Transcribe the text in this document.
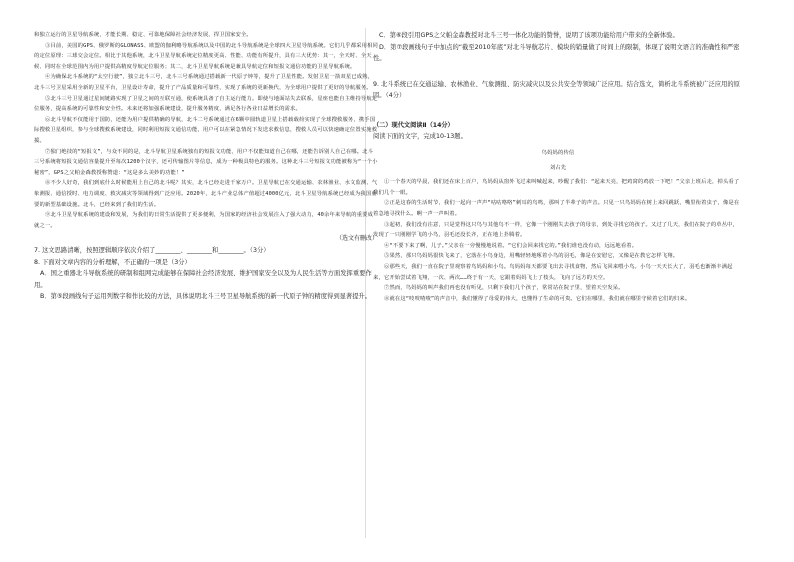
和独立运行的卫星导航系统，才能长期、稳定、可靠地保障社会经济发展，捍卫国家安全。

③目前，美国的GPS、俄罗斯的GLONASS、欧盟的伽利略导航系统以及中国的北斗导航系统是全球四大卫星导航系统。它们几乎都采用相同的定位原理：三球交会定位。相比于其他系统，北斗卫星导航系统定位精度更高、性能、功能有所提升，具有三大优势：其一，全天时、全天候、同时在全球范围内为用户提供高精度导航定位服务；其二，北斗卫星导航系统是兼具导航定位和短报文通信功能的卫星导航系统。

④为确保北斗系统的“太空行驶”，独立北斗三号，北斗三号系统通过搭载新一代原子钟等，提升了卫星性能。发射卫星一箭双星已成熟，北斗三号卫星采用全新的卫星平台，卫星设计寿命，提升了产品质量和可靠性，实现了系统的更新换代，为全球用户提供了更好的导航服务。

⑤北斗三号卫星通过星间链路实现了卫星之间的互联互通，使系统具备了自主运行能力。即使与地面站失去联系，星座也能自主维持导航定位服务，提高系统的可靠性和安全性。未来还将加强系统建设，提升服务精度，满足各行各业日益增长的需求。

⑥北斗导航不仅能用于国防，还能为用户提供精确的导航，北斗二号系统通过在6颗中圆轨道卫星上搭载载荷实现了全球搜救服务，携手国际搜救卫星组织，参与全球搜救系统建设，同时利用短报文通信功能，用户可以在紧急情况下发送求救信息，搜救人员可以快速确定位置实施救援。

⑦独门绝技的“短报文”，与众不同的是，北斗导航卫星系统独有的短报文功能，用户不仅能知道自己在哪，还能告诉别人自己在哪。北斗三号系统将短报文通信容量提升至每次1200个汉字，还可传输图片等信息，成为一种极具特色的服务。这种北斗三号短报文功能被称为“一个小秘密”，GPS之父帕金森教授称赞道：“这是多么美妙的功能！”

⑧不少人好奇，我们到底什么时候能用上自己的北斗呢？其实，北斗已经走进千家万户。卫星导航已在交通运输、农林渔业、水文监测、气象测报、通信授时、电力调度、救灾减灾等领域得到广泛应用。2020年，北斗产业总体产值超过4000亿元，北斗卫星导航系统已经成为我国重要的新型基础设施。北斗，已经来到了我们的生活。

⑨北斗卫星导航系统的建设和发展，为我们的日常生活提供了更多便利，为国家的经济社会发展注入了强大动力，40余年来导航的重要成就之一。

（选文有删改）

7. 这文思路清晰，按照逻辑顺序依次介绍了________、________和________。（3分）

8. 下面对文章内容的分析理解，不正确的一项是（3分）

A．国之重器北斗导航系统的研制和组网完成能够在保障社会经济发展、维护国家安全以及为人民生活等方面发挥重要作用。

B．第⑤段画线句子运用列数字和作比较的方法，具体说明北斗三号卫星导航系统的新一代原子钟的精度得到显著提升。

C．第⑥段引用GPS之父帕金森教授对北斗三号一体化功能的赞誉，说明了该项功能给用户带来的全新体验。

D．第⑦段画线句子中加点的“截至2010年底”对北斗导航芯片、模块的销量做了时间上的限制，体现了说明文语言的准确性和严密性。

9. 北斗系统已在交通运输、农林渔业、气象测报、防灾减灾以及公共安全等领域广泛应用。结合选文，简析北斗系统被广泛应用的原因。（4分）

（二）现代文阅读Ⅱ（14分）

阅读下面的文字，完成10-13题。

鸟妈妈的传信

刘占先

①一个春天的早晨，我们还在床上百户，鸟妈妈从窗外飞过来叫喊起来，吵醒了我们：“起来天亮，把鸡窝的鸡放一下吧！”父亲上班后走，掉头看了我们几个一眼。

②正是这春的生活时节，我们一起向一声声“咕咕咯咯”刺耳的鸟鸣，那叫了半辈子的声音。只见一只鸟妈妈在树上来回跳跃，嘴里衔着虫子，像是在着急地寻找什么。啊一声一声叫着。

③起初，我们没有注意，只是觉得这只鸟与其他鸟不一样，它像一个刚刚失去孩子的母亲，到处寻找它的孩子。又过了几天，我们在院子的草丛中，发现了一只刚刚学飞的小鸟，羽毛还没长齐，正在地上扑腾着。

④“不要下来了啊，儿子。”父亲在一旁慢慢地说着。“它们会回来找它的。”我们谁也没有动，远远地看着。

⑤果然，那只鸟妈妈很快飞来了，它落在小鸟身边，用嘴轻轻地啄着小鸟的羽毛，像是在安慰它，又像是在教它怎样飞翔。

⑥那些天，我们一直在院子里观察着鸟妈妈和小鸟。鸟妈妈每天都要飞出去寻找食物，然后飞回来喂小鸟。小鸟一天天长大了，羽毛也渐渐丰满起来，它开始尝试着飞翔，一次、两次……终于有一天，它跟着妈妈飞上了枝头，飞向了远方的天空。

⑦然而，鸟妈妈的叫声我们再也没有听见，只剩下我们几个孩子，常常站在院子里，望着天空发呆。

⑧就在这“吱吱喳喳”的声音中，我们懂得了母爱的伟大，也懂得了生命的可贵。它们在哪里，我们就在哪里守候着它们的归来。
